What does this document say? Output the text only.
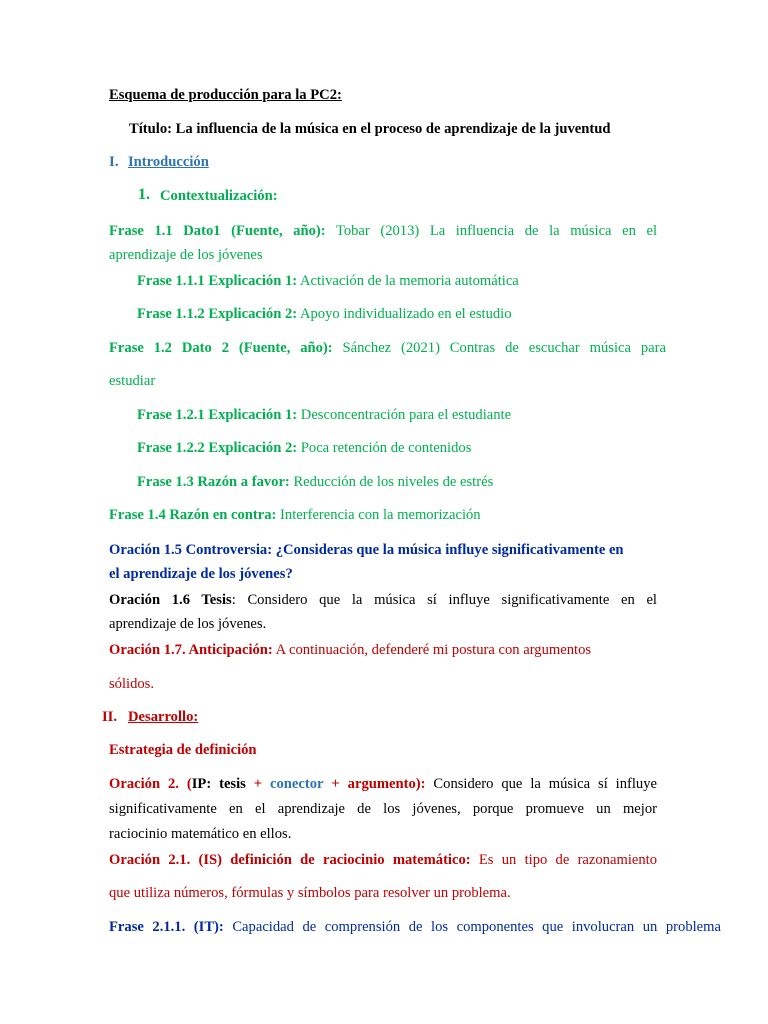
Esquema de producción para la PC2:
Título: La influencia de la música en el proceso de aprendizaje de la juventud
I. Introducción
1. Contextualización:
Frase 1.1 Dato1 (Fuente, año): Tobar (2013) La influencia de la música en el
aprendizaje de los jóvenes
Frase 1.1.1 Explicación 1: Activación de la memoria automática
Frase 1.1.2 Explicación 2: Apoyo individualizado en el estudio
Frase 1.2 Dato 2 (Fuente, año): Sánchez (2021) Contras de escuchar música para
estudiar
Frase 1.2.1 Explicación 1: Desconcentración para el estudiante
Frase 1.2.2 Explicación 2: Poca retención de contenidos
Frase 1.3 Razón a favor: Reducción de los niveles de estrés
Frase 1.4 Razón en contra: Interferencia con la memorización
Oración 1.5 Controversia: ¿Consideras que la música influye significativamente en
el aprendizaje de los jóvenes?
Oración 1.6 Tesis: Considero que la música sí influye significativamente en el
aprendizaje de los jóvenes.
Oración 1.7. Anticipación: A continuación, defenderé mi postura con argumentos
sólidos.
II. Desarrollo:
Estrategia de definición
Oración 2. (IP: tesis + conector + argumento): Considero que la música sí influye
significativamente en el aprendizaje de los jóvenes, porque promueve un mejor
raciocinio matemático en ellos.
Oración 2.1. (IS) definición de raciocinio matemático: Es un tipo de razonamiento
que utiliza números, fórmulas y símbolos para resolver un problema.
Frase 2.1.1. (IT): Capacidad de comprensión de los componentes que involucran un problema
